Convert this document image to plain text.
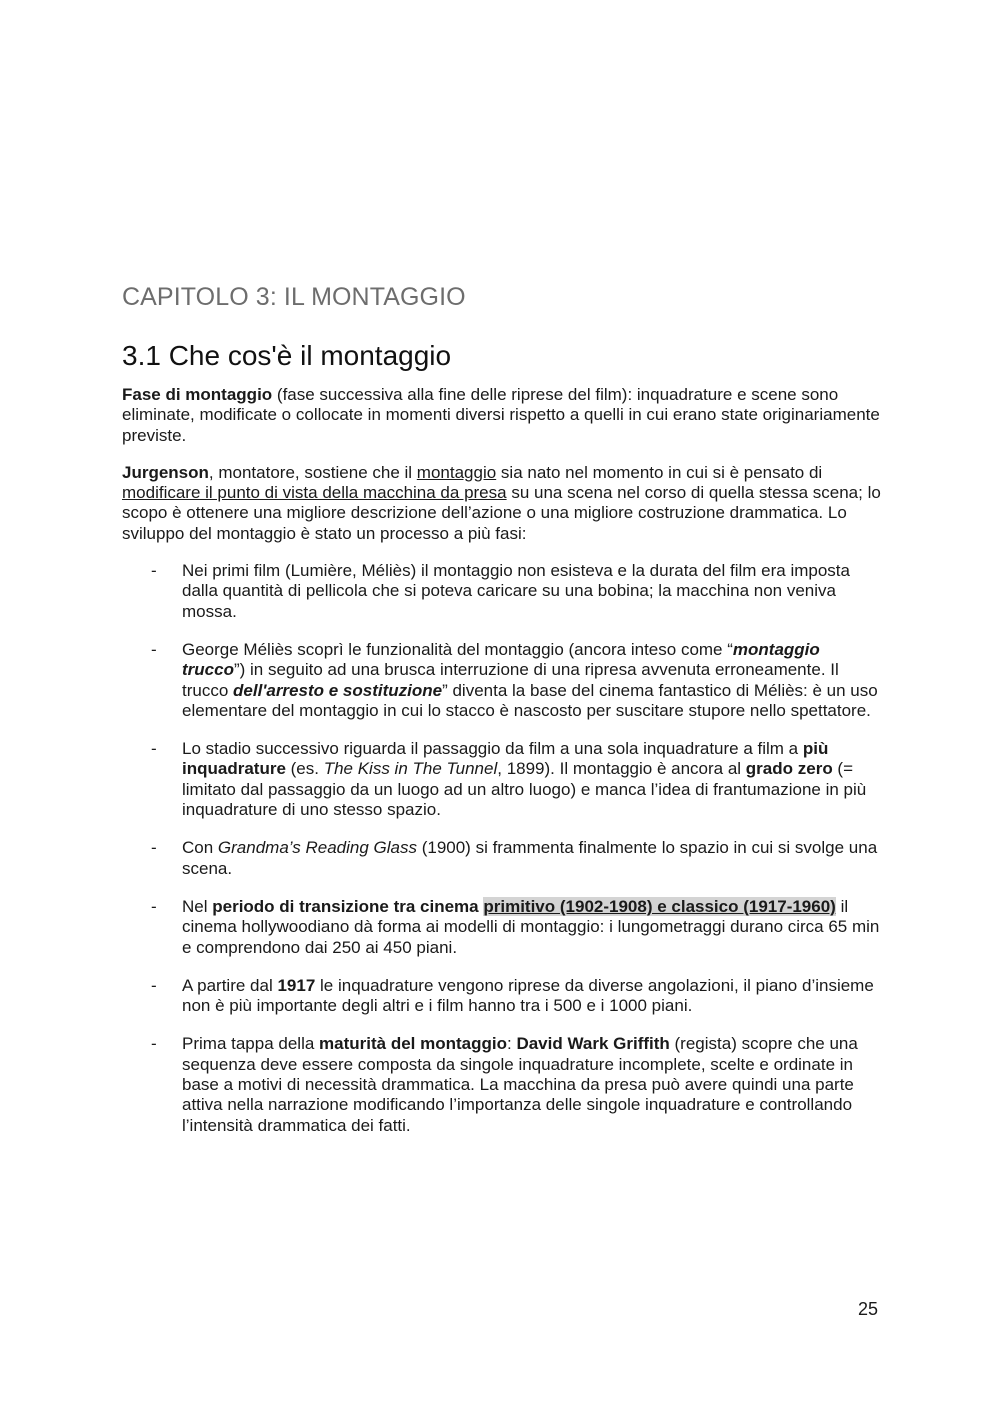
CAPITOLO 3: IL MONTAGGIO
3.1 Che cos'è il montaggio

Fase di montaggio (fase successiva alla fine delle riprese del film): inquadrature e scene sono eliminate, modificate o collocate in momenti diversi rispetto a quelli in cui erano state originariamente previste.

Jurgenson, montatore, sostiene che il montaggio sia nato nel momento in cui si è pensato di modificare il punto di vista della macchina da presa su una scena nel corso di quella stessa scena; lo scopo è ottenere una migliore descrizione dell’azione o una migliore costruzione drammatica. Lo sviluppo del montaggio è stato un processo a più fasi:

- Nei primi film (Lumière, Méliès) il montaggio non esisteva e la durata del film era imposta dalla quantità di pellicola che si poteva caricare su una bobina; la macchina non veniva mossa.
- George Méliès scoprì le funzionalità del montaggio (ancora inteso come “montaggio trucco”) in seguito ad una brusca interruzione di una ripresa avvenuta erroneamente. Il trucco dell'arresto e sostituzione” diventa la base del cinema fantastico di Méliès: è un uso elementare del montaggio in cui lo stacco è nascosto per suscitare stupore nello spettatore.
- Lo stadio successivo riguarda il passaggio da film a una sola inquadrature a film a più inquadrature (es. The Kiss in The Tunnel, 1899). Il montaggio è ancora al grado zero (= limitato dal passaggio da un luogo ad un altro luogo) e manca l’idea di frantumazione in più inquadrature di uno stesso spazio.
- Con Grandma’s Reading Glass (1900) si frammenta finalmente lo spazio in cui si svolge una scena.
- Nel periodo di transizione tra cinema primitivo (1902-1908) e classico (1917-1960) il cinema hollywoodiano dà forma ai modelli di montaggio: i lungometraggi durano circa 65 min e comprendono dai 250 ai 450 piani.
- A partire dal 1917 le inquadrature vengono riprese da diverse angolazioni, il piano d’insieme non è più importante degli altri e i film hanno tra i 500 e i 1000 piani.
- Prima tappa della maturità del montaggio: David Wark Griffith (regista) scopre che una sequenza deve essere composta da singole inquadrature incomplete, scelte e ordinate in base a motivi di necessità drammatica. La macchina da presa può avere quindi una parte attiva nella narrazione modificando l’importanza delle singole inquadrature e controllando l’intensità drammatica dei fatti.
25
